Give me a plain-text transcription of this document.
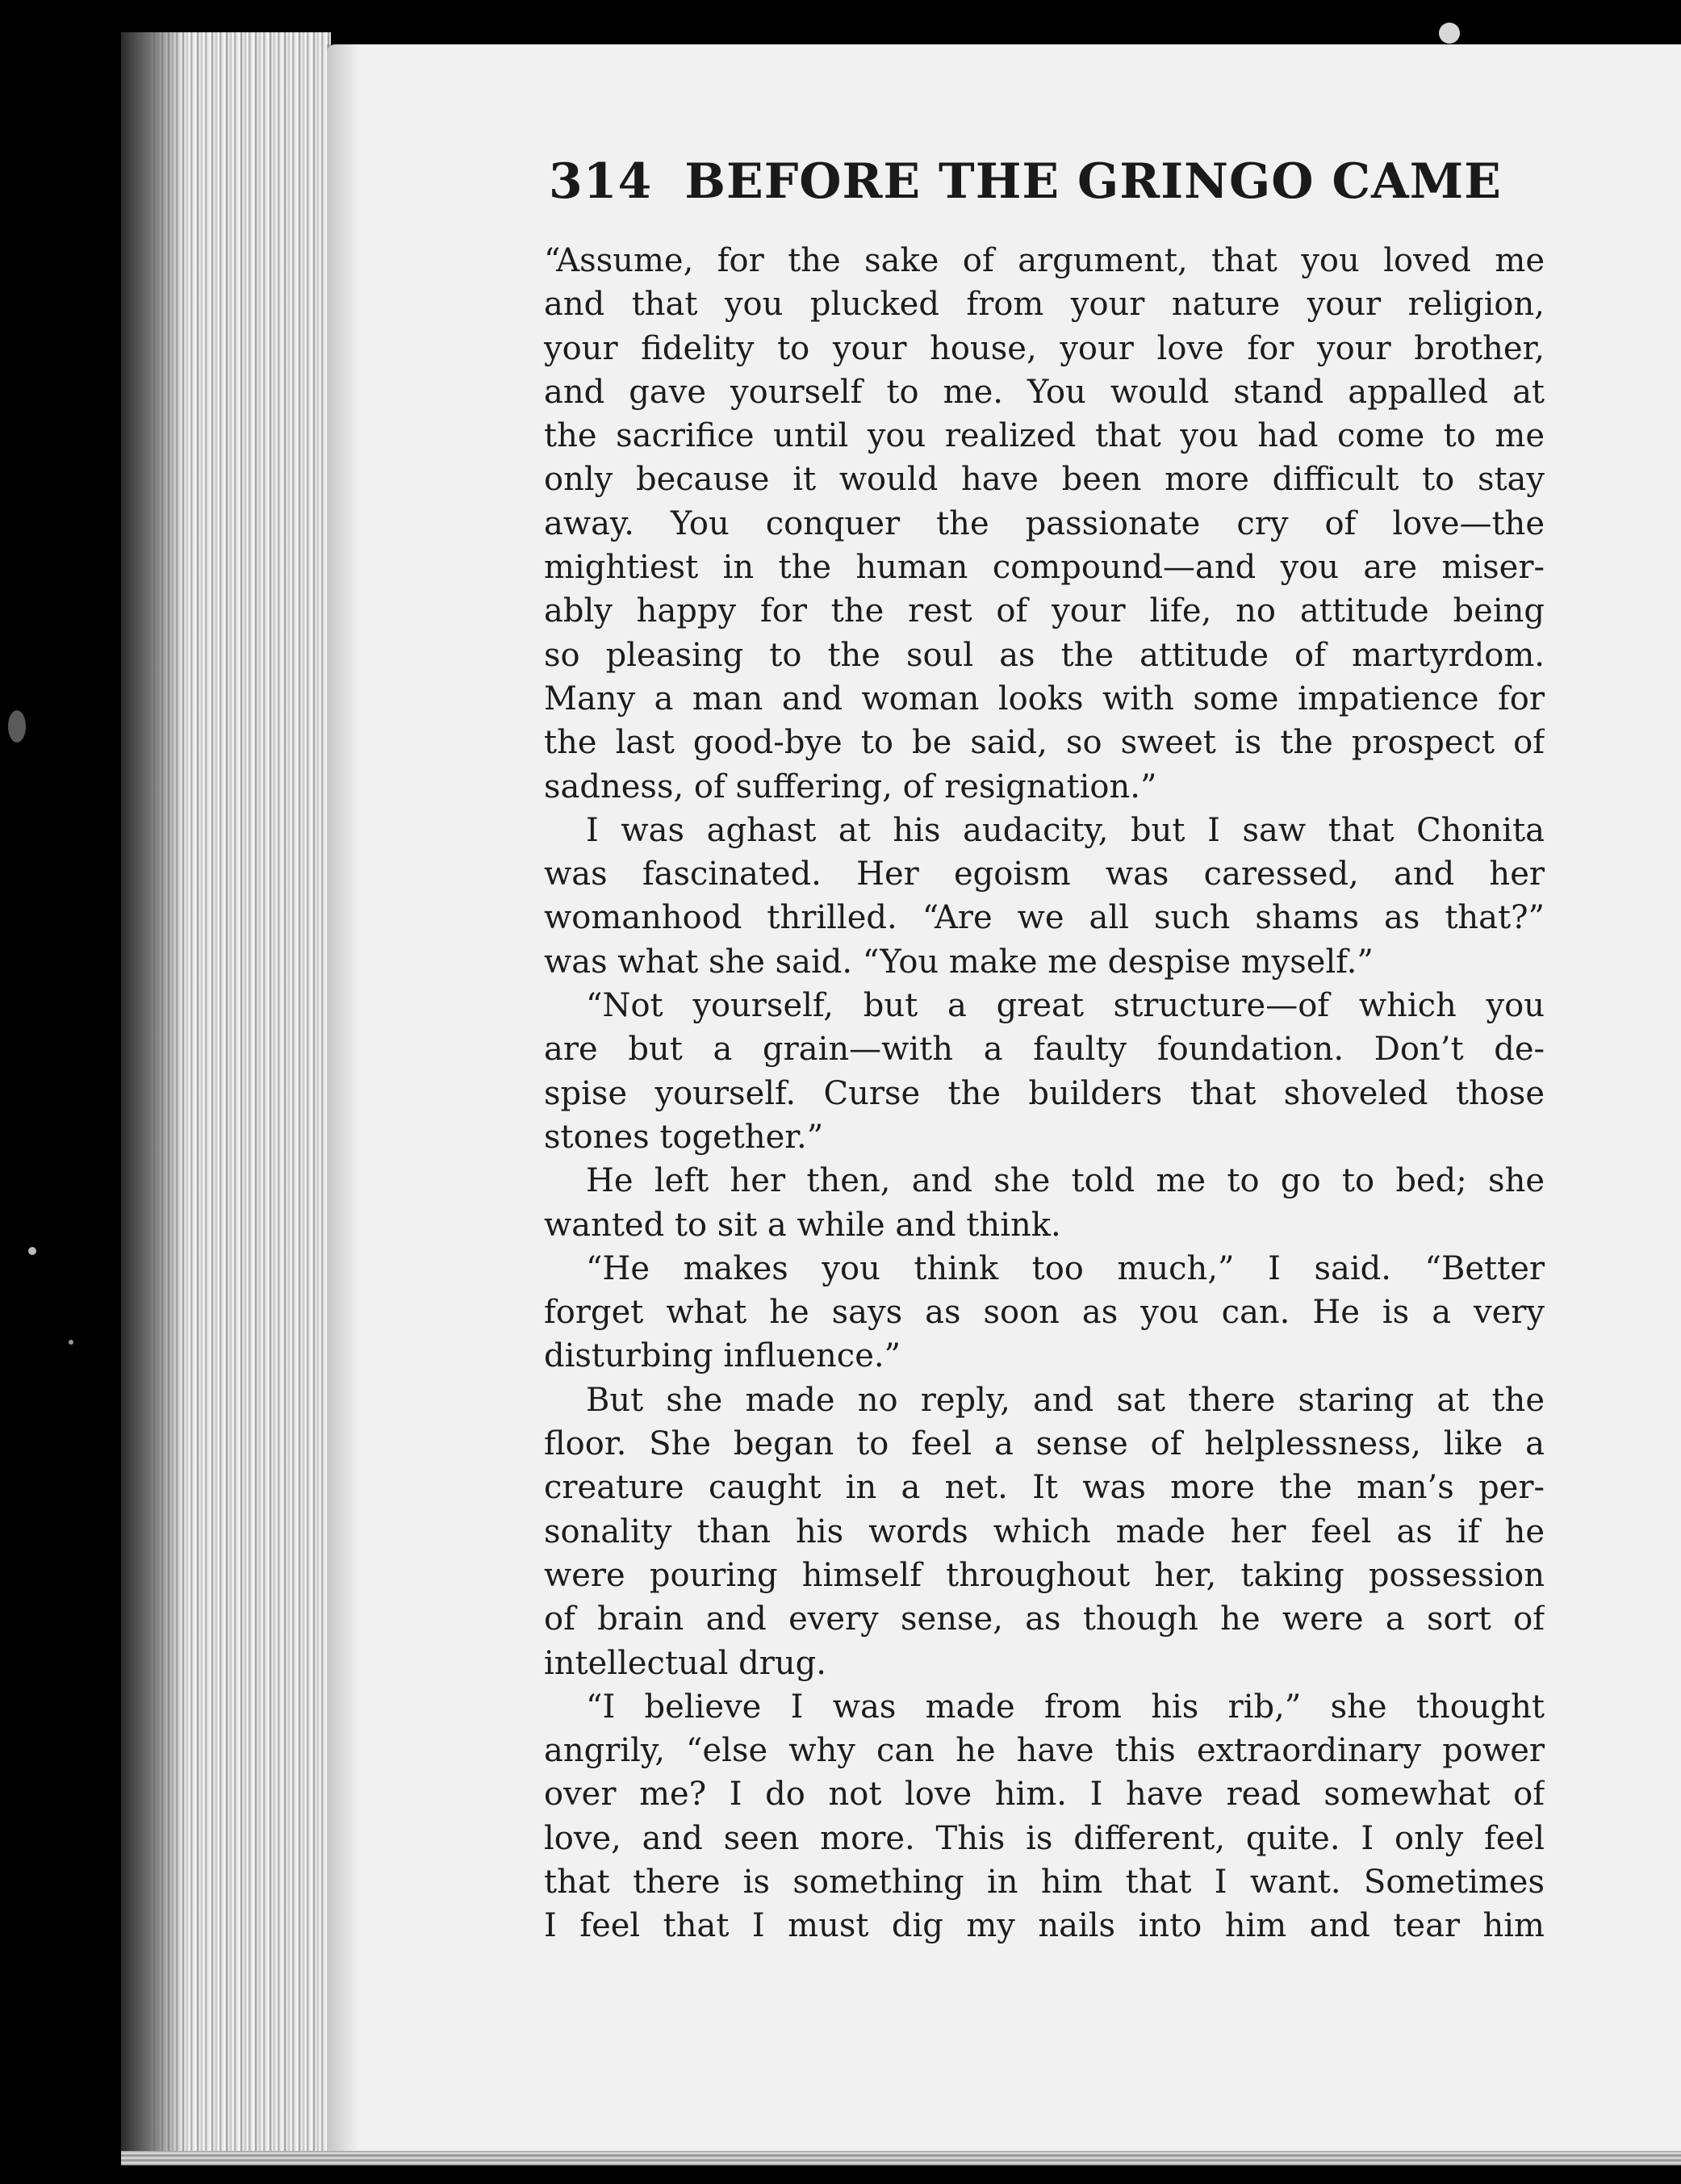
314 BEFORE THE GRINGO CAME
“Assume, for the sake of argument, that you loved me
and that you plucked from your nature your religion,
your fidelity to your house, your love for your brother,
and gave yourself to me. You would stand appalled at
the sacrifice until you realized that you had come to me
only because it would have been more difficult to stay
away. You conquer the passionate cry of love—the
mightiest in the human compound—and you are miser-
ably happy for the rest of your life, no attitude being
so pleasing to the soul as the attitude of martyrdom.
Many a man and woman looks with some impatience for
the last good-bye to be said, so sweet is the prospect of
sadness, of suffering, of resignation.”
I was aghast at his audacity, but I saw that Chonita
was fascinated. Her egoism was caressed, and her
womanhood thrilled. “Are we all such shams as that?”
was what she said. “You make me despise myself.”
“Not yourself, but a great structure—of which you
are but a grain—with a faulty foundation. Don’t de-
spise yourself. Curse the builders that shoveled those
stones together.”
He left her then, and she told me to go to bed; she
wanted to sit a while and think.
“He makes you think too much,” I said. “Better
forget what he says as soon as you can. He is a very
disturbing influence.”
But she made no reply, and sat there staring at the
floor. She began to feel a sense of helplessness, like a
creature caught in a net. It was more the man’s per-
sonality than his words which made her feel as if he
were pouring himself throughout her, taking possession
of brain and every sense, as though he were a sort of
intellectual drug.
“I believe I was made from his rib,” she thought
angrily, “else why can he have this extraordinary power
over me? I do not love him. I have read somewhat of
love, and seen more. This is different, quite. I only feel
that there is something in him that I want. Sometimes
I feel that I must dig my nails into him and tear him
